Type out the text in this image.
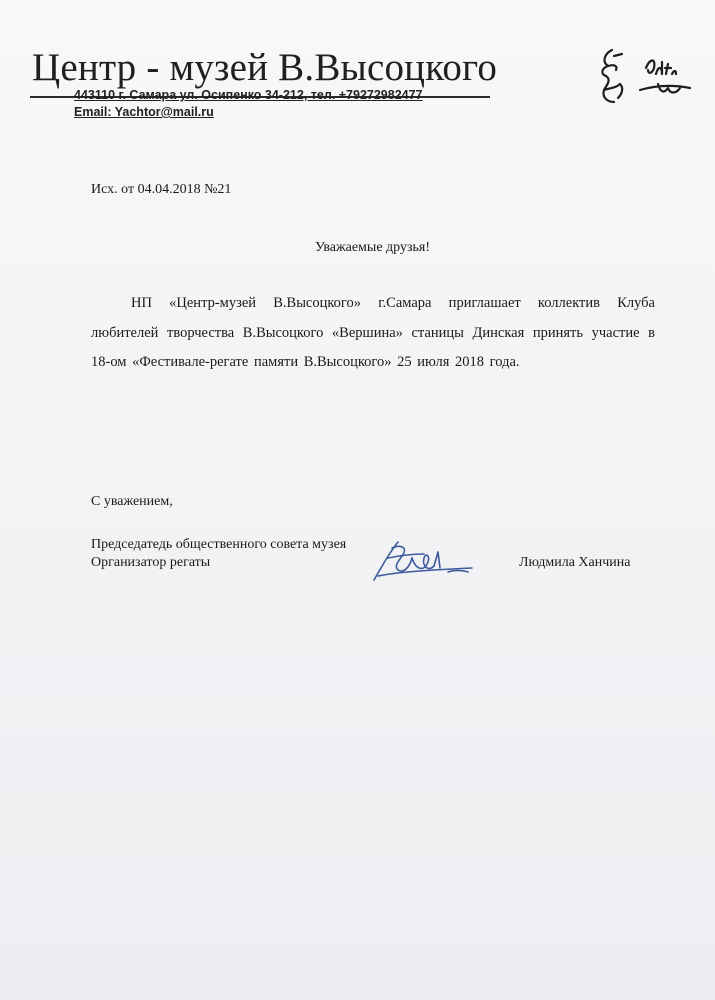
Центр - музей В.Высоцкого
443110 г. Самара ул. Осипенко 34-212, тел. +79272982477
Email: Yachtor@mail.ru
Исх. от 04.04.2018 №21
Уважаемые друзья!
НП «Центр-музей В.Высоцкого» г.Самара приглашает коллектив Клуба любителей творчества В.Высоцкого «Вершина» станицы Динская принять участие в 18-ом «Фестивале-регате памяти В.Высоцкого» 25 июля 2018 года.
С уважением,
Председатедь общественного совета музея
Организатор регаты	Людмила Ханчина
